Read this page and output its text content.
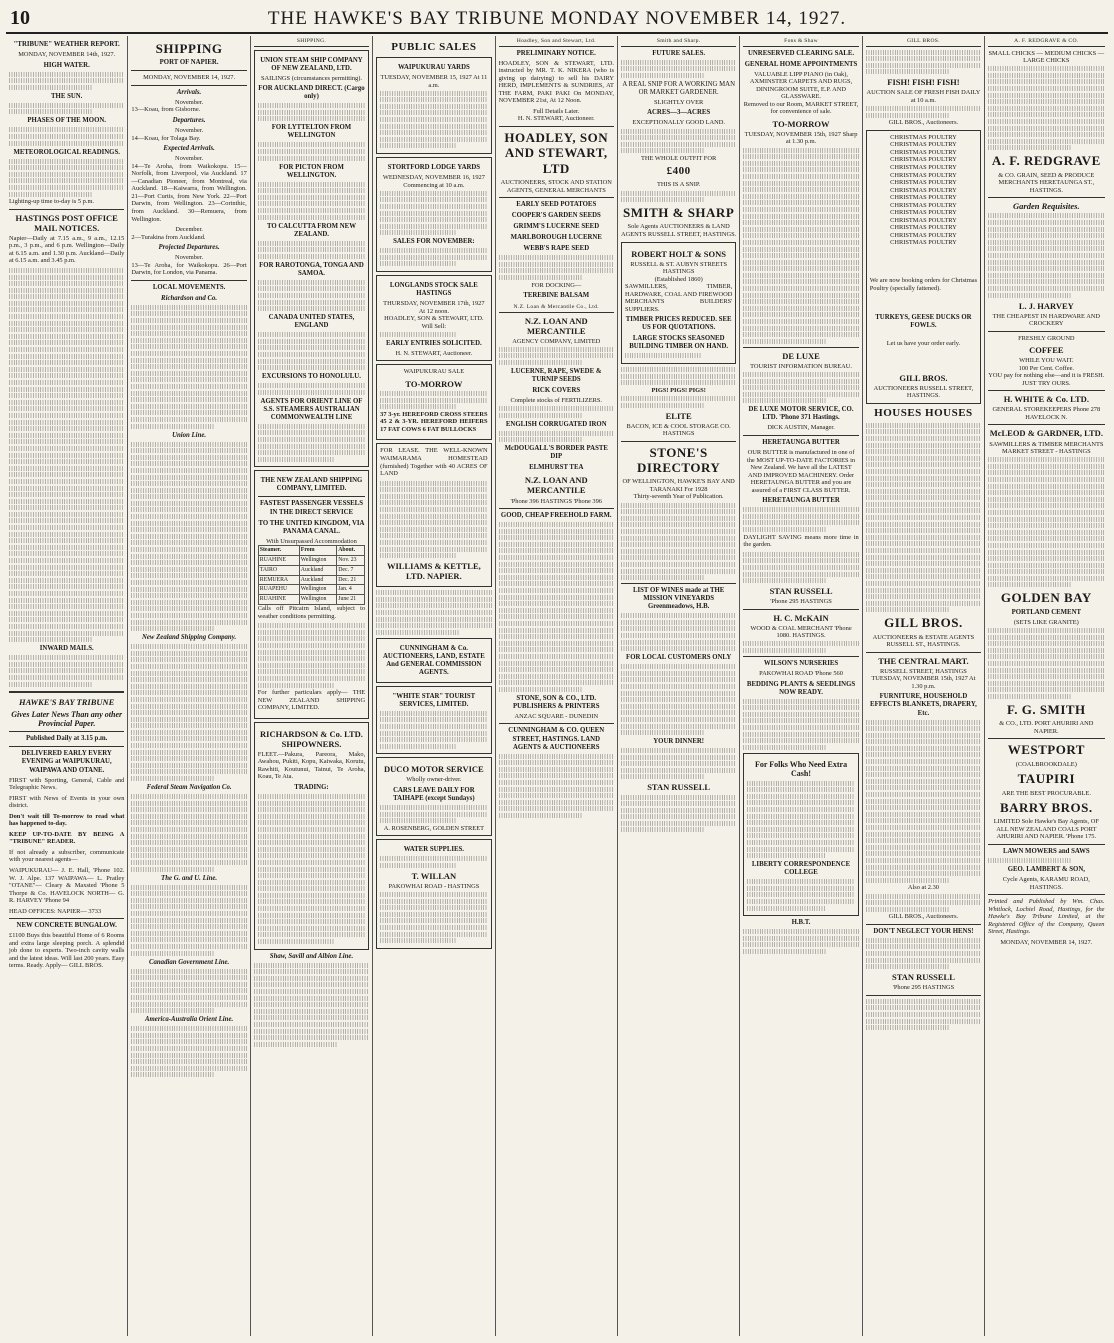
10	THE HAWKE'S BAY TRIBUNE MONDAY NOVEMBER 14, 1927.
"TRIBUNE" WEATHER REPORT.
MONDAY, NOVEMBER 14th, 1927.
HIGH WATER.
THE SUN.
PHASES OF THE MOON.
METEOROLOGICAL READINGS.
Lighting-up time to-day is 5 p.m.
HASTINGS POST OFFICE MAIL NOTICES.

Napier—Daily at 7.15 a.m., 9 a.m., 12.15 p.m., 3 p.m., and 6 p.m. Wellington—Daily at 6.15 a.m. and 1.30 p.m. Auckland—Daily at 6.15 a.m. and 3.45 p.m.

INWARD MAILS.
HAWKE'S BAY TRIBUNE
Gives Later News Than any other Provincial Paper.
Published Daily at 3.15 p.m.
DELIVERED EARLY EVERY EVENING at WAIPUKURAU, WAIPAWA AND OTANE.

FIRST with Sporting, General, Cable and Telegraphic News.

FIRST with News of Events in your own district.

Don't wait till To-morrow to read what has happened to-day.

KEEP UP-TO-DATE BY BEING A "TRIBUNE" READER.

If not already a subscriber, communicate with your nearest agents—

WAIPUKURAU— J. E. Hall, 'Phone 102. W. J. Alpe. 137 WAIPAWA— L. Pratley "OTANE"— Cleary & Maxsted 'Phone 5 Thorpe & Co. HAVELOCK NORTH— G. R. HARVEY 'Phone 94

HEAD OFFICES: NAPIER— 3733

NEW CONCRETE BUNGALOW.

£1100 Buys this beautiful Home of 6 Rooms and extra large sleeping porch. A splendid job done to experts. Two-inch cavity walls and the latest ideas. Will last 200 years. Easy terms. Ready. Apply— GILL BROS.

SHIPPING
PORT OF NAPIER.
MONDAY, NOVEMBER 14, 1927.
Arrivals.
November.
13—Koau, from Gisborne.
Departures.
November.
14—Koau, for Tolaga Bay.
Expected Arrivals.
November.

14—Te Aroha, from Waikokopu. 15—Norfolk, from Liverpool, via Auckland. 17—Canadian Pioneer, from Montreal, via Auckland. 18—Kaiwarra, from Wellington. 21—Port Curtis, from New York. 22—Port Darwin, from Wellington. 23—Corinthic, from Auckland. 30—Remuera, from Wellington.

December.
2—Turakina from Auckland.
Projected Departures.
November.

13—Te Aroha, for Waikokopu. 26—Port Darwin, for London, via Panama.

LOCAL MOVEMENTS.
Richardson and Co.
Union Line.
New Zealand Shipping Company.
Federal Steam Navigation Co.
The G. and U. Line.
Canadian Government Line.
America-Australia Orient Line.
SHIPPING.
UNION STEAM SHIP COMPANY OF NEW ZEALAND, LTD.
SAILINGS (circumstances permitting).
FOR AUCKLAND DIRECT. (Cargo only)
FOR LYTTELTON FROM WELLINGTON
FOR PICTON FROM WELLINGTON.
TO CALCUTTA FROM NEW ZEALAND.
FOR RAROTONGA, TONGA AND SAMOA.
CANADA UNITED STATES, ENGLAND
EXCURSIONS TO HONOLULU.
AGENTS FOR ORIENT LINE OF S.S. STEAMERS AUSTRALIAN COMMONWEALTH LINE
THE NEW ZEALAND SHIPPING COMPANY, LIMITED.
FASTEST PASSENGER VESSELS IN THE DIRECT SERVICE
TO THE UNITED KINGDOM, VIA PANAMA CANAL.
With Unsurpassed Accommodation
Steamer.	From	About.
RUAHINE	Wellington	Nov. 23
TAIRO	Auckland	Dec. 7
REMUERA	Auckland	Dec. 21
RUAPEHU	Wellington	Jan. 4
RUAHINE	Wellington	June 21

Calls off Pitcairn Island, subject to weather conditions permitting.

For further particulars apply— THE NEW ZEALAND SHIPPING COMPANY, LIMITED.

RICHARDSON & Co. LTD. SHIPOWNERS.

FLEET.—Pakura, Pareora, Mako, Awahou, Pukiti, Kopu, Kaiwaka, Korutu, Rawhiti, Koutunui, Tainui, Te Aroha, Koau, Te Ata.

TRADING:
Shaw, Savill and Albion Line.
PUBLIC SALES
WAIPUKURAU YARDS
TUESDAY, NOVEMBER 15, 1927 At 11 a.m.
STORTFORD LODGE YARDS
WEDNESDAY, NOVEMBER 16, 1927 Commencing at 10 a.m.
SALES FOR NOVEMBER:
LONGLANDS STOCK SALE HASTINGS
THURSDAY, NOVEMBER 17th, 1927 At 12 noon.
HOADLEY, SON & STEWART, LTD. Will Sell:
EARLY ENTRIES SOLICITED.
H. N. STEWART, Auctioneer.
WAIPUKURAU SALE
TO-MORROW

37 3-yr. HEREFORD CROSS STEERS 45 2 & 3-YR. HEREFORD HEIFERS 17 FAT COWS 6 FAT BULLOCKS

FOR LEASE. THE WELL-KNOWN WAIMARAMA HOMESTEAD (furnished) Together with 40 ACRES OF LAND

WILLIAMS & KETTLE, LTD. NAPIER.
CUNNINGHAM & Co. AUCTIONEERS, LAND, ESTATE And GENERAL COMMISSION AGENTS.
"WHITE STAR" TOURIST SERVICES, LIMITED.
DUCO MOTOR SERVICE
Wholly owner-driver.
CARS LEAVE DAILY FOR TAIHAPE (except Sundays)
A. ROSENBERG, GOLDEN STREET
WATER SUPPLIES.
T. WILLAN
PAKOWHAI ROAD - HASTINGS
Hoadley, Son and Stewart, Ltd.
PRELIMINARY NOTICE.

HOADLEY, SON & STEWART, LTD. instructed by MR. T. K. NIKERA (who is giving up dairying) to sell his DAIRY HERD, IMPLEMENTS & SUNDRIES, AT THE FARM, PAKI PAKI On MONDAY, NOVEMBER 21st, At 12 Noon.

Full Details Later.
H. N. STEWART, Auctioneer.
HOADLEY, SON AND STEWART, LTD
AUCTIONEERS, STOCK AND STATION AGENTS, GENERAL MERCHANTS
EARLY SEED POTATOES
COOPER'S GARDEN SEEDS
GRIMM'S LUCERNE SEED
MARLBOROUGH LUCERNE
WEBB'S RAPE SEED
FOR DOCKING—
TEREBINE BALSAM
N.Z. Loan & Mercantile Co., Ltd.
N.Z. LOAN AND MERCANTILE
AGENCY COMPANY, LIMITED
LUCERNE, RAPE, SWEDE & TURNIP SEEDS
RICK COVERS
Complete stocks of FERTILIZERS.
ENGLISH CORRUGATED IRON
McDOUGALL'S BORDER PASTE DIP
ELMHURST TEA
N.Z. LOAN AND MERCANTILE
'Phone 396 HASTINGS 'Phone 396
GOOD, CHEAP FREEHOLD FARM.
STONE, SON & CO., LTD. PUBLISHERS & PRINTERS
ANZAC SQUARE - DUNEDIN
CUNNINGHAM & CO. QUEEN STREET, HASTINGS. LAND AGENTS & AUCTIONEERS
Smith and Sharp.
FUTURE SALES.
A REAL SNIP FOR A WORKING MAN OR MARKET GARDENER.
SLIGHTLY OVER
ACRES—3—ACRES
EXCEPTIONALLY GOOD LAND.
THE WHOLE OUTFIT FOR
£400
THIS IS A SNIP.
SMITH & SHARP
Sole Agents AUCTIONEERS & LAND AGENTS RUSSELL STREET, HASTINGS.
ROBERT HOLT & SONS
RUSSELL & ST. AUBYN STREETS HASTINGS
(Established 1860)

SAWMILLERS, TIMBER, HARDWARE, COAL AND FIREWOOD MERCHANTS BUILDERS' SUPPLIERS.

TIMBER PRICES REDUCED. SEE US FOR QUOTATIONS.
LARGE STOCKS SEASONED BUILDING TIMBER ON HAND.
PIGS! PIGS! PIGS!
ELITE
BACON, ICE & COOL STORAGE CO. HASTINGS
STONE'S DIRECTORY
OF WELLINGTON, HAWKE'S BAY AND TARANAKI For 1928
Thirty-seventh Year of Publication.
LIST OF WINES made at THE MISSION VINEYARDS Greenmeadows, H.B.
FOR LOCAL CUSTOMERS ONLY
YOUR DINNER!
STAN RUSSELL
Fons & Shaw
UNRESERVED CLEARING SALE.
GENERAL HOME APPOINTMENTS
VALUABLE LIPP PIANO (in Oak), AXMINSTER CARPETS AND RUGS, DININGROOM SUITE, E.P. AND GLASSWARE.
Removed to our Room, MARKET STREET, for convenience of sale.
TO-MORROW
TUESDAY, NOVEMBER 15th, 1927 Sharp at 1.30 p.m.
DE LUXE
TOURIST INFORMATION BUREAU.
DE LUXE MOTOR SERVICE, CO. LTD. 'Phone 371 Hastings.
DICK AUSTIN, Manager.
HERETAUNGA BUTTER

OUR BUTTER is manufactured in one of the MOST UP-TO-DATE FACTORIES in New Zealand. We have all the LATEST AND IMPROVED MACHINERY. Order HERETAUNGA BUTTER and you are assured of a FIRST CLASS BUTTER.

HERETAUNGA BUTTER

DAYLIGHT SAVING means more time in the garden.

STAN RUSSELL
'Phone 295 HASTINGS
H. C. McKAIN
WOOD & COAL MERCHANT 'Phone 1080. HASTINGS.
WILSON'S NURSERIES
PAKOWHAI ROAD 'Phone 560
BEDDING PLANTS & SEEDLINGS NOW READY.
For Folks Who Need Extra Cash!
LIBERTY CORRESPONDENCE COLLEGE
H.B.T.
GILL BROS.
FISH! FISH! FISH!
AUCTION SALE OF FRESH FISH DAILY at 10 a.m.
GILL BROS., Auctioneers.
CHRISTMAS POULTRY
CHRISTMAS POULTRY
CHRISTMAS POULTRY
CHRISTMAS POULTRY
CHRISTMAS POULTRY
CHRISTMAS POULTRY
CHRISTMAS POULTRY
CHRISTMAS POULTRY
CHRISTMAS POULTRY
CHRISTMAS POULTRY
CHRISTMAS POULTRY
CHRISTMAS POULTRY
CHRISTMAS POULTRY
CHRISTMAS POULTRY
CHRISTMAS POULTRY

We are now booking orders for Christmas Poultry (specially fattened).

TURKEYS, GEESE DUCKS OR FOWLS.
Let us have your order early.
GILL BROS.
AUCTIONEERS RUSSELL STREET, HASTINGS.
HOUSES HOUSES
GILL BROS.
AUCTIONEERS & ESTATE AGENTS RUSSELL ST., HASTINGS.
THE CENTRAL MART.
RUSSELL STREET, HASTINGS
TUESDAY, NOVEMBER 15th, 1927 At 1.30 p.m.
FURNITURE, HOUSEHOLD EFFECTS BLANKETS, DRAPERY, Etc.
Also at 2.30
GILL BROS., Auctioneers.
DON'T NEGLECT YOUR HENS!
STAN RUSSELL
'Phone 295 HASTINGS
A. F. REDGRAVE & CO.
SMALL CHICKS — MEDIUM CHICKS — LARGE CHICKS
A. F. REDGRAVE
& CO. GRAIN, SEED & PRODUCE MERCHANTS HERETAUNGA ST., HASTINGS.
Garden Requisites.
L. J. HARVEY
THE CHEAPEST IN HARDWARE AND CROCKERY
FRESHLY GROUND
COFFEE
WHILE YOU WAIT.
100 Per Cent. Coffee.
YOU pay for nothing else—and it is FRESH.
JUST TRY OURS.
H. WHITE & Co. LTD.
GENERAL STOREKEEPERS Phone 278 HAVELOCK N.
McLEOD & GARDNER, LTD.
SAWMILLERS & TIMBER MERCHANTS MARKET STREET - HASTINGS
GOLDEN BAY
PORTLAND CEMENT
(SETS LIKE GRANITE)
F. G. SMITH
& CO., LTD. PORT AHURIRI AND NAPIER.
WESTPORT
(COALBROOKDALE)
TAUPIRI
ARE THE BEST PROCURABLE.
BARRY BROS.
LIMITED Sole Hawke's Bay Agents, OF ALL NEW ZEALAND COALS PORT AHURIRI AND NAPIER. 'Phone 175.
LAWN MOWERS and SAWS
GEO. LAMBERT & SON,
Cycle Agents, KARAMU ROAD, HASTINGS.

Printed and Published by Wm. Chas. Whitlock, Lochiel Road, Hastings, for the Hawke's Bay Tribune Limited, at the Registered Office of the Company, Queen Street, Hastings.

MONDAY, NOVEMBER 14, 1927.
